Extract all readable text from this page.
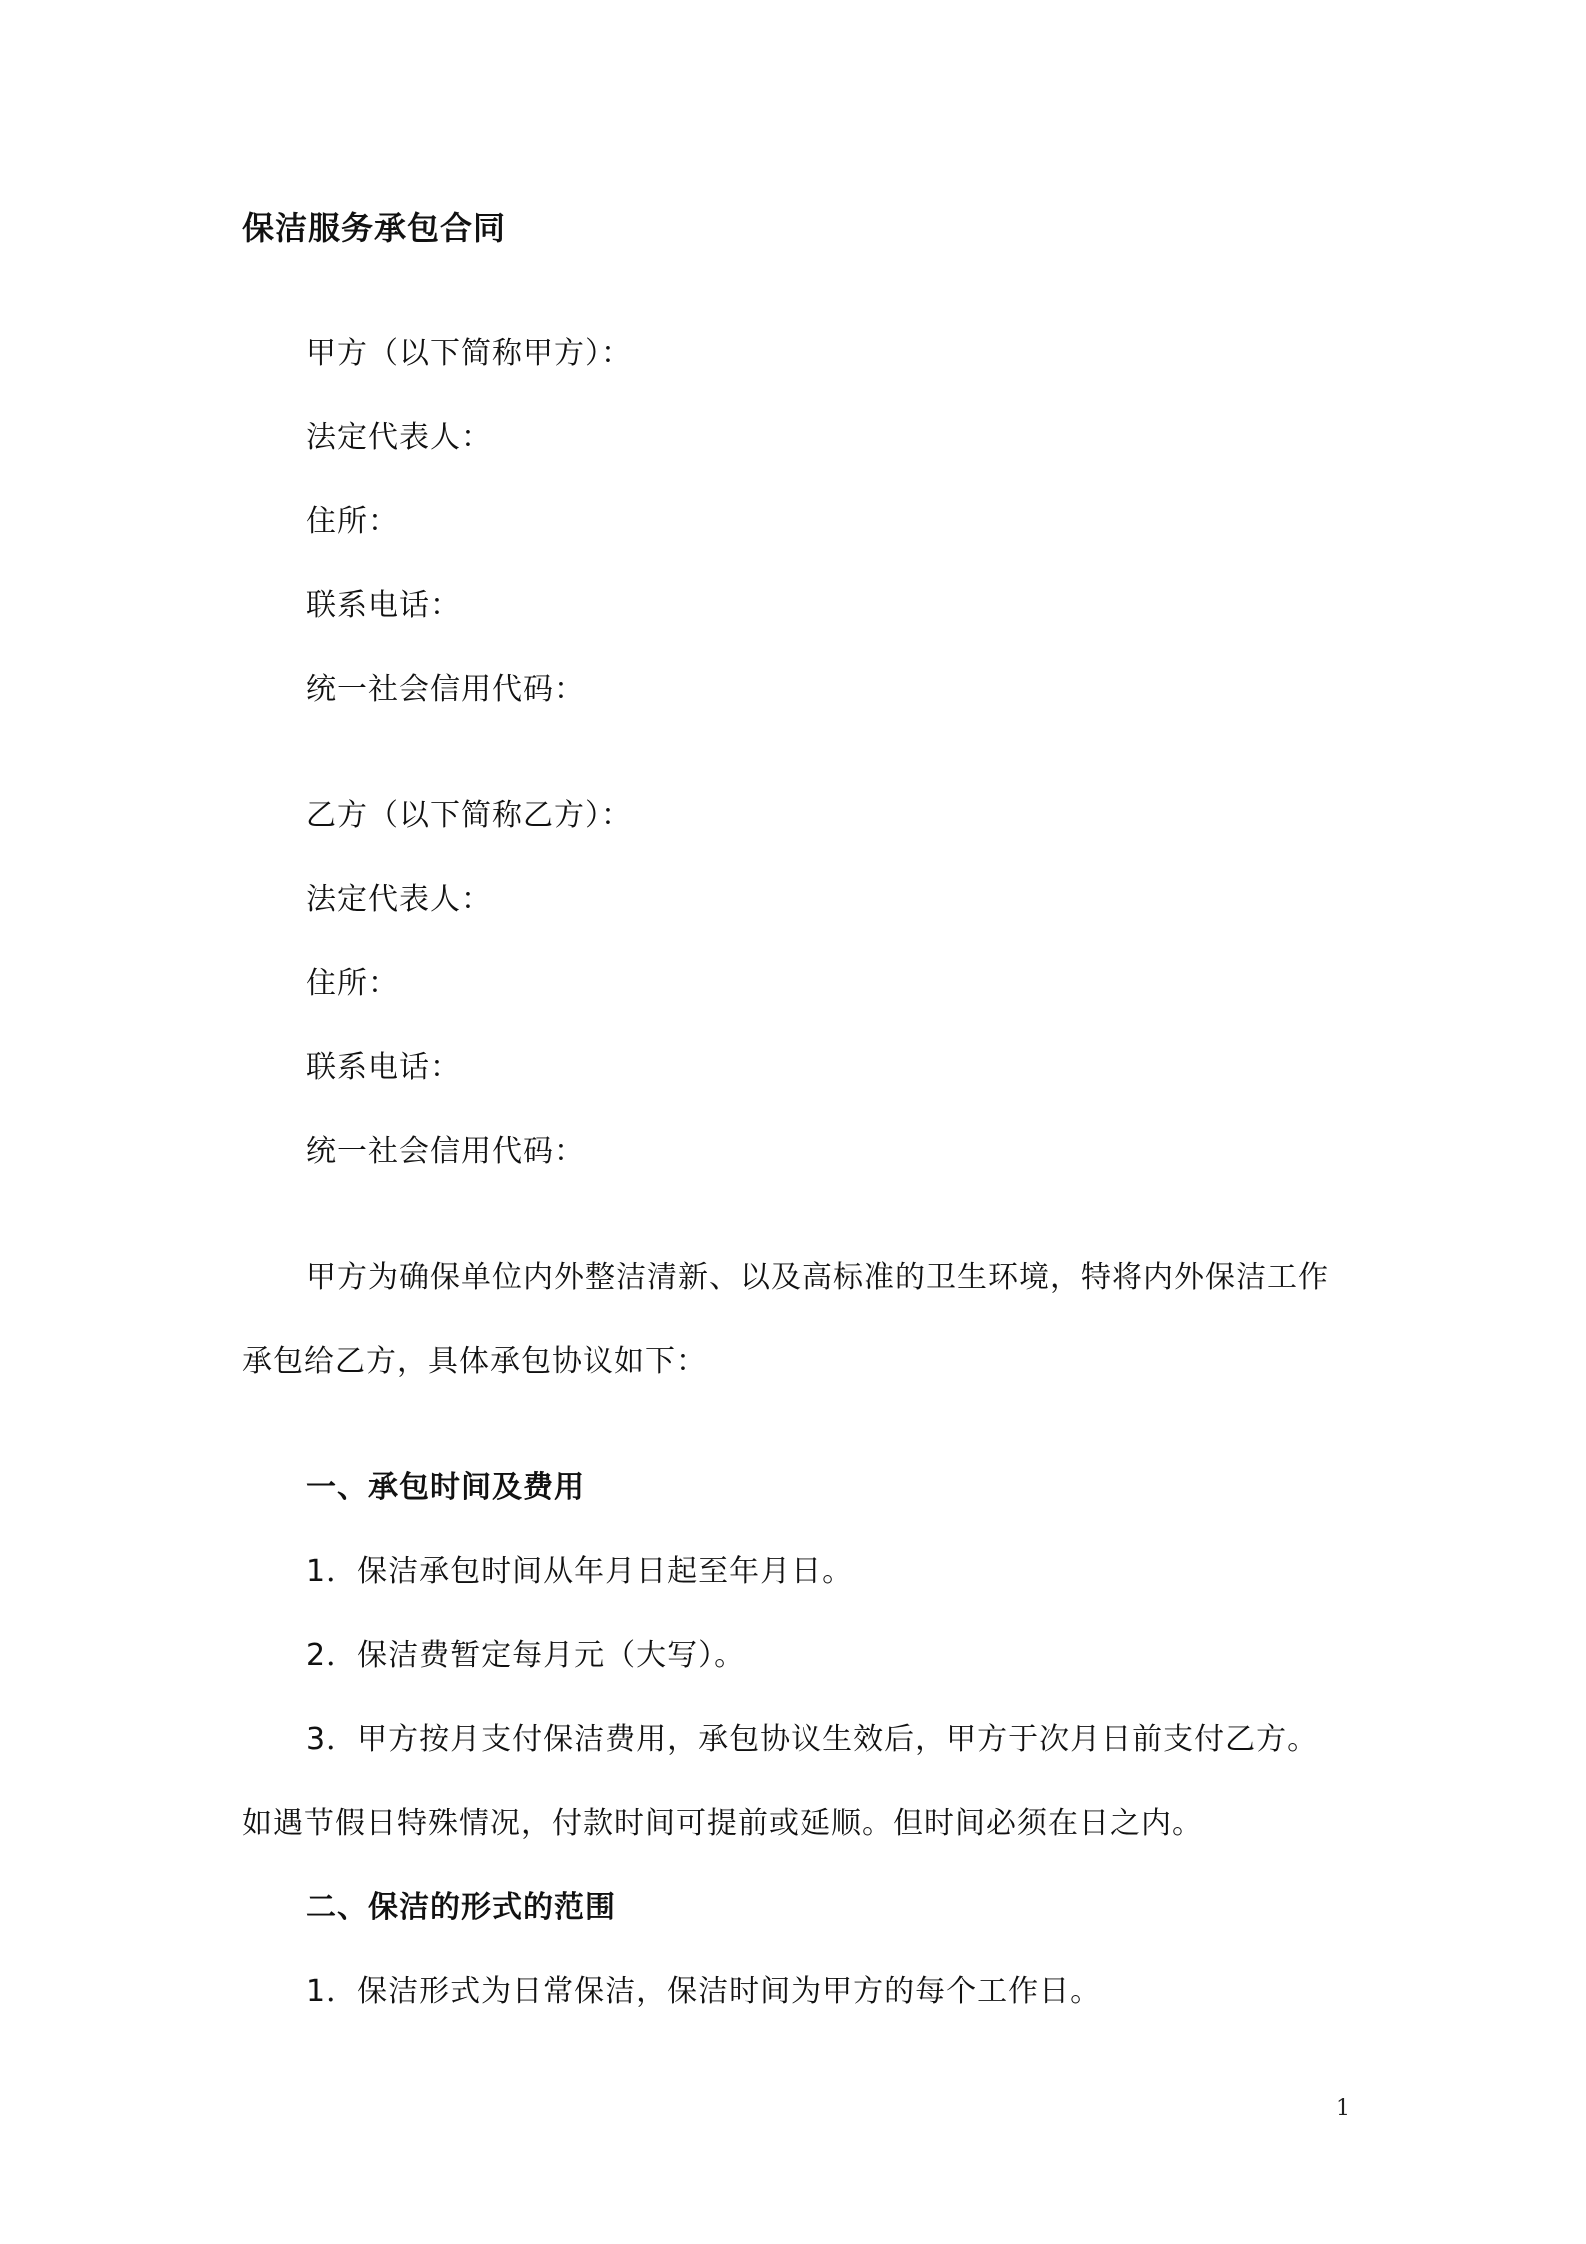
保洁服务承包合同
甲方（以下简称甲方）：
法定代表人：
住所：
联系电话：
统一社会信用代码：
乙方（以下简称乙方）：
法定代表人：
住所：
联系电话：
统一社会信用代码：
甲方为确保单位内外整洁清新、以及高标准的卫生环境，特将内外保洁工作
承包给乙方，具体承包协议如下：
一、承包时间及费用
1．保洁承包时间从年月日起至年月日。
2．保洁费暂定每月元（大写）。
3．甲方按月支付保洁费用，承包协议生效后，甲方于次月日前支付乙方。
如遇节假日特殊情况，付款时间可提前或延顺。但时间必须在日之内。
二、保洁的形式的范围
1．保洁形式为日常保洁，保洁时间为甲方的每个工作日。
1
